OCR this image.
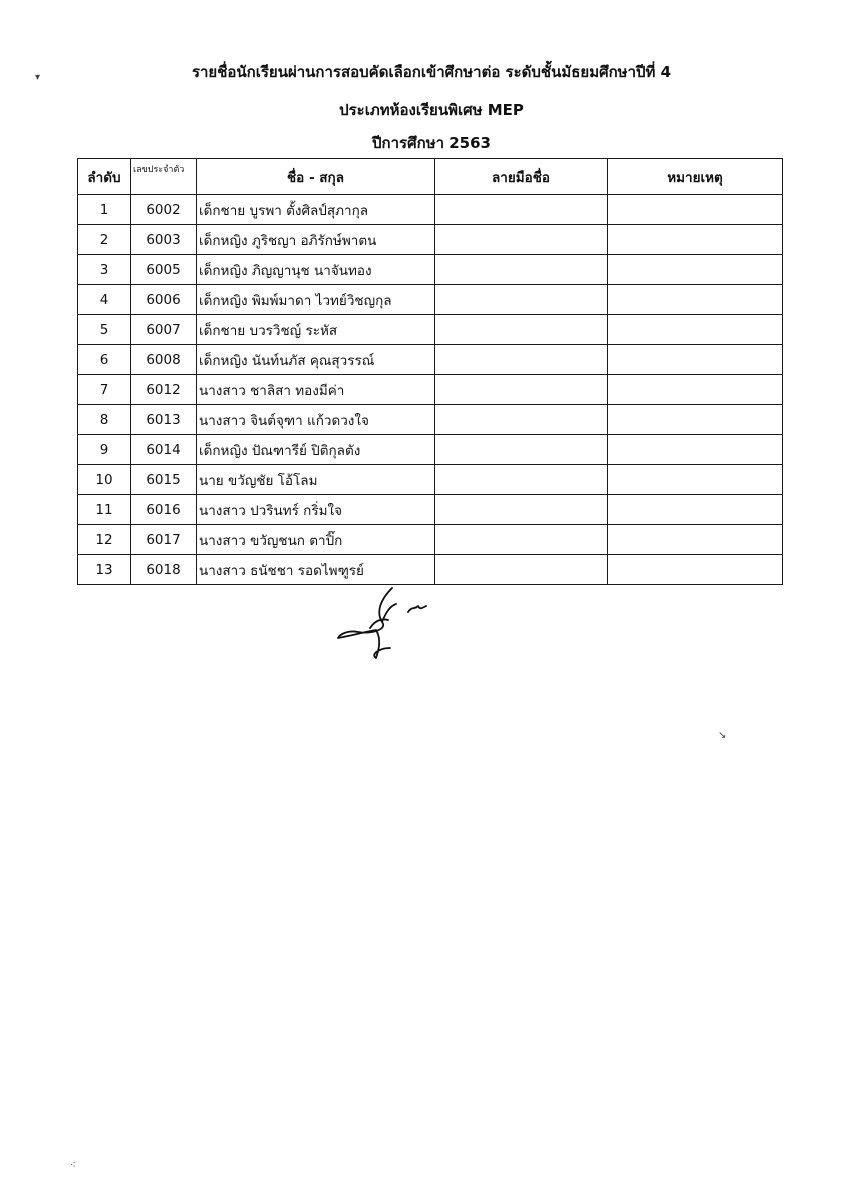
รายชื่อนักเรียนผ่านการสอบคัดเลือกเข้าศึกษาต่อ ระดับชั้นมัธยมศึกษาปีที่ 4
ประเภทห้องเรียนพิเศษ MEP
ปีการศึกษา 2563
ลำดับ	เลขประจำตัว	ชื่อ - สกุล	ลายมือชื่อ	หมายเหตุ
1	6002	เด็กชาย บูรพา ตั้งศิลป์สุภากุล		
2	6003	เด็กหญิง ภูริชญา อภิรักษ์พาตน		
3	6005	เด็กหญิง ภิญญานุช นาจันทอง		
4	6006	เด็กหญิง พิมพ์มาดา ไวทย์วิชญกุล		
5	6007	เด็กชาย บวรวิชญ์ ระหัส		
6	6008	เด็กหญิง นันท์นภัส คุณสุวรรณ์		
7	6012	นางสาว ชาลิสา ทองมีค่า		
8	6013	นางสาว จินต์จุฑา แก้วดวงใจ		
9	6014	เด็กหญิง ปัณฑารีย์ ปิติกุลตัง		
10	6015	นาย ขวัญชัย โอ้โลม		
11	6016	นางสาว ปวรินทร์ กริ่มใจ		
12	6017	นางสาว ขวัญชนก ตาปิ๊ก		
13	6018	นางสาว ธนัชชา รอดไพฑูรย์		
▾
↘
⁖
